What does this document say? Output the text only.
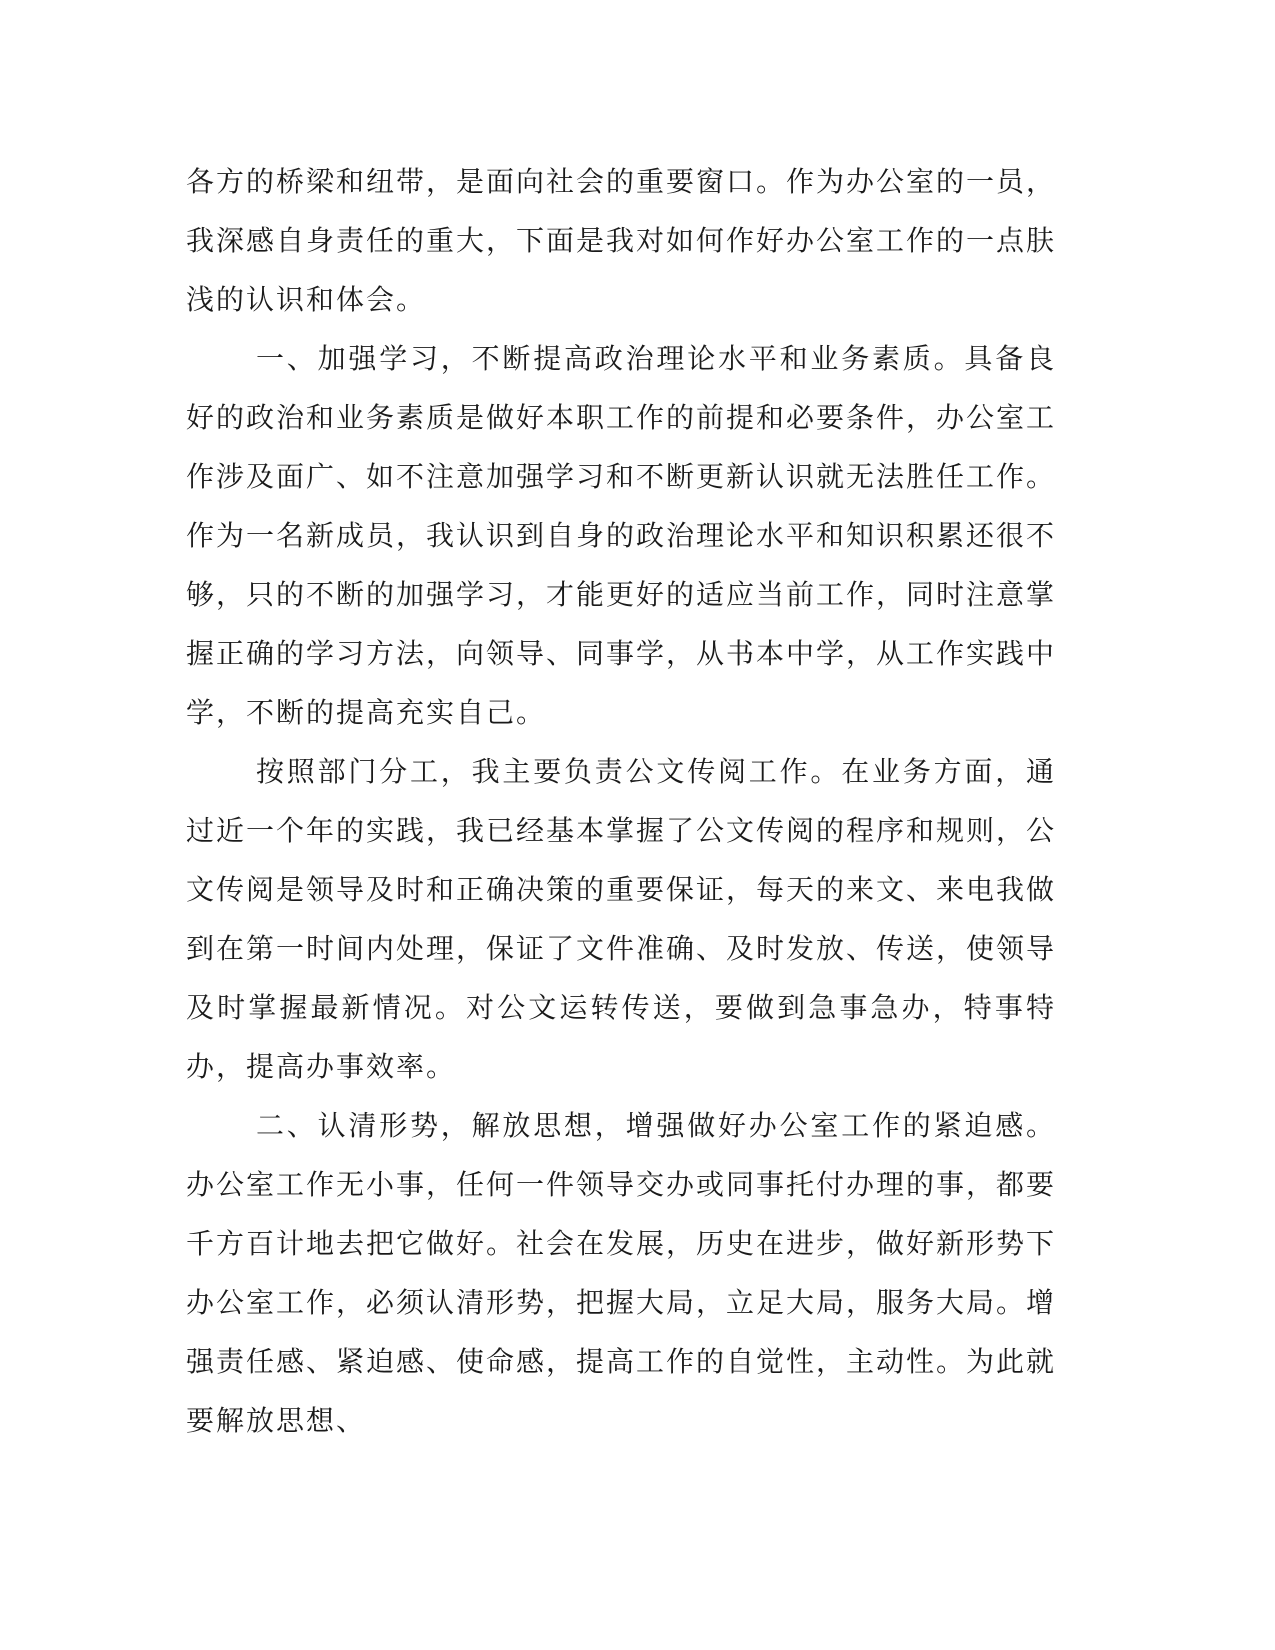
各方的桥梁和纽带，是面向社会的重要窗口。作为办公室的一员，我深感自身责任的重大，下面是我对如何作好办公室工作的一点肤浅的认识和体会。

一、加强学习，不断提高政治理论水平和业务素质。具备良好的政治和业务素质是做好本职工作的前提和必要条件，办公室工作涉及面广、如不注意加强学习和不断更新认识就无法胜任工作。作为一名新成员，我认识到自身的政治理论水平和知识积累还很不够，只的不断的加强学习，才能更好的适应当前工作，同时注意掌握正确的学习方法，向领导、同事学，从书本中学，从工作实践中学，不断的提高充实自己。

按照部门分工，我主要负责公文传阅工作。在业务方面，通过近一个年的实践，我已经基本掌握了公文传阅的程序和规则，公文传阅是领导及时和正确决策的重要保证，每天的来文、来电我做到在第一时间内处理，保证了文件准确、及时发放、传送，使领导及时掌握最新情况。对公文运转传送，要做到急事急办，特事特办，提高办事效率。

二、认清形势，解放思想，增强做好办公室工作的紧迫感。办公室工作无小事，任何一件领导交办或同事托付办理的事，都要千方百计地去把它做好。社会在发展，历史在进步，做好新形势下办公室工作，必须认清形势，把握大局，立足大局，服务大局。增强责任感、紧迫感、使命感，提高工作的自觉性，主动性。为此就要解放思想、
